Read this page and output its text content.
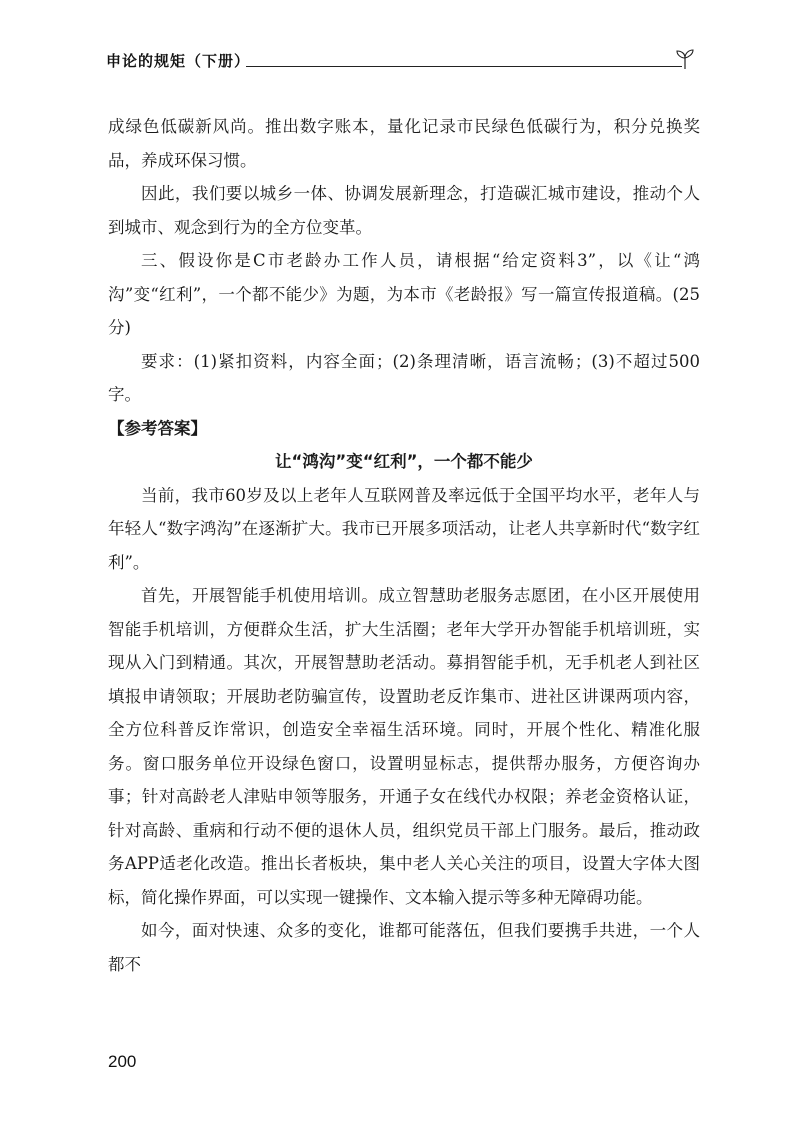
申论的规矩（下册）

成绿色低碳新风尚。推出数字账本，量化记录市民绿色低碳行为，积分兑换奖品，养成环保习惯。

因此，我们要以城乡一体、协调发展新理念，打造碳汇城市建设，推动个人到城市、观念到行为的全方位变革。

三、假设你是C市老龄办工作人员，请根据“给定资料3”，以《让“鸿沟”变“红利”，一个都不能少》为题，为本市《老龄报》写一篇宣传报道稿。(25分)

要求：(1)紧扣资料，内容全面；(2)条理清晰，语言流畅；(3)不超过500字。

【参考答案】

让“鸿沟”变“红利”，一个都不能少

当前，我市60岁及以上老年人互联网普及率远低于全国平均水平，老年人与年轻人“数字鸿沟”在逐渐扩大。我市已开展多项活动，让老人共享新时代“数字红利”。

首先，开展智能手机使用培训。成立智慧助老服务志愿团，在小区开展使用智能手机培训，方便群众生活，扩大生活圈；老年大学开办智能手机培训班，实现从入门到精通。其次，开展智慧助老活动。募捐智能手机，无手机老人到社区填报申请领取；开展助老防骗宣传，设置助老反诈集市、进社区讲课两项内容，全方位科普反诈常识，创造安全幸福生活环境。同时，开展个性化、精准化服务。窗口服务单位开设绿色窗口，设置明显标志，提供帮办服务，方便咨询办事；针对高龄老人津贴申领等服务，开通子女在线代办权限；养老金资格认证，针对高龄、重病和行动不便的退休人员，组织党员干部上门服务。最后，推动政务APP适老化改造。推出长者板块，集中老人关心关注的项目，设置大字体大图标，简化操作界面，可以实现一键操作、文本输入提示等多种无障碍功能。

如今，面对快速、众多的变化，谁都可能落伍，但我们要携手共进，一个人都不

200
